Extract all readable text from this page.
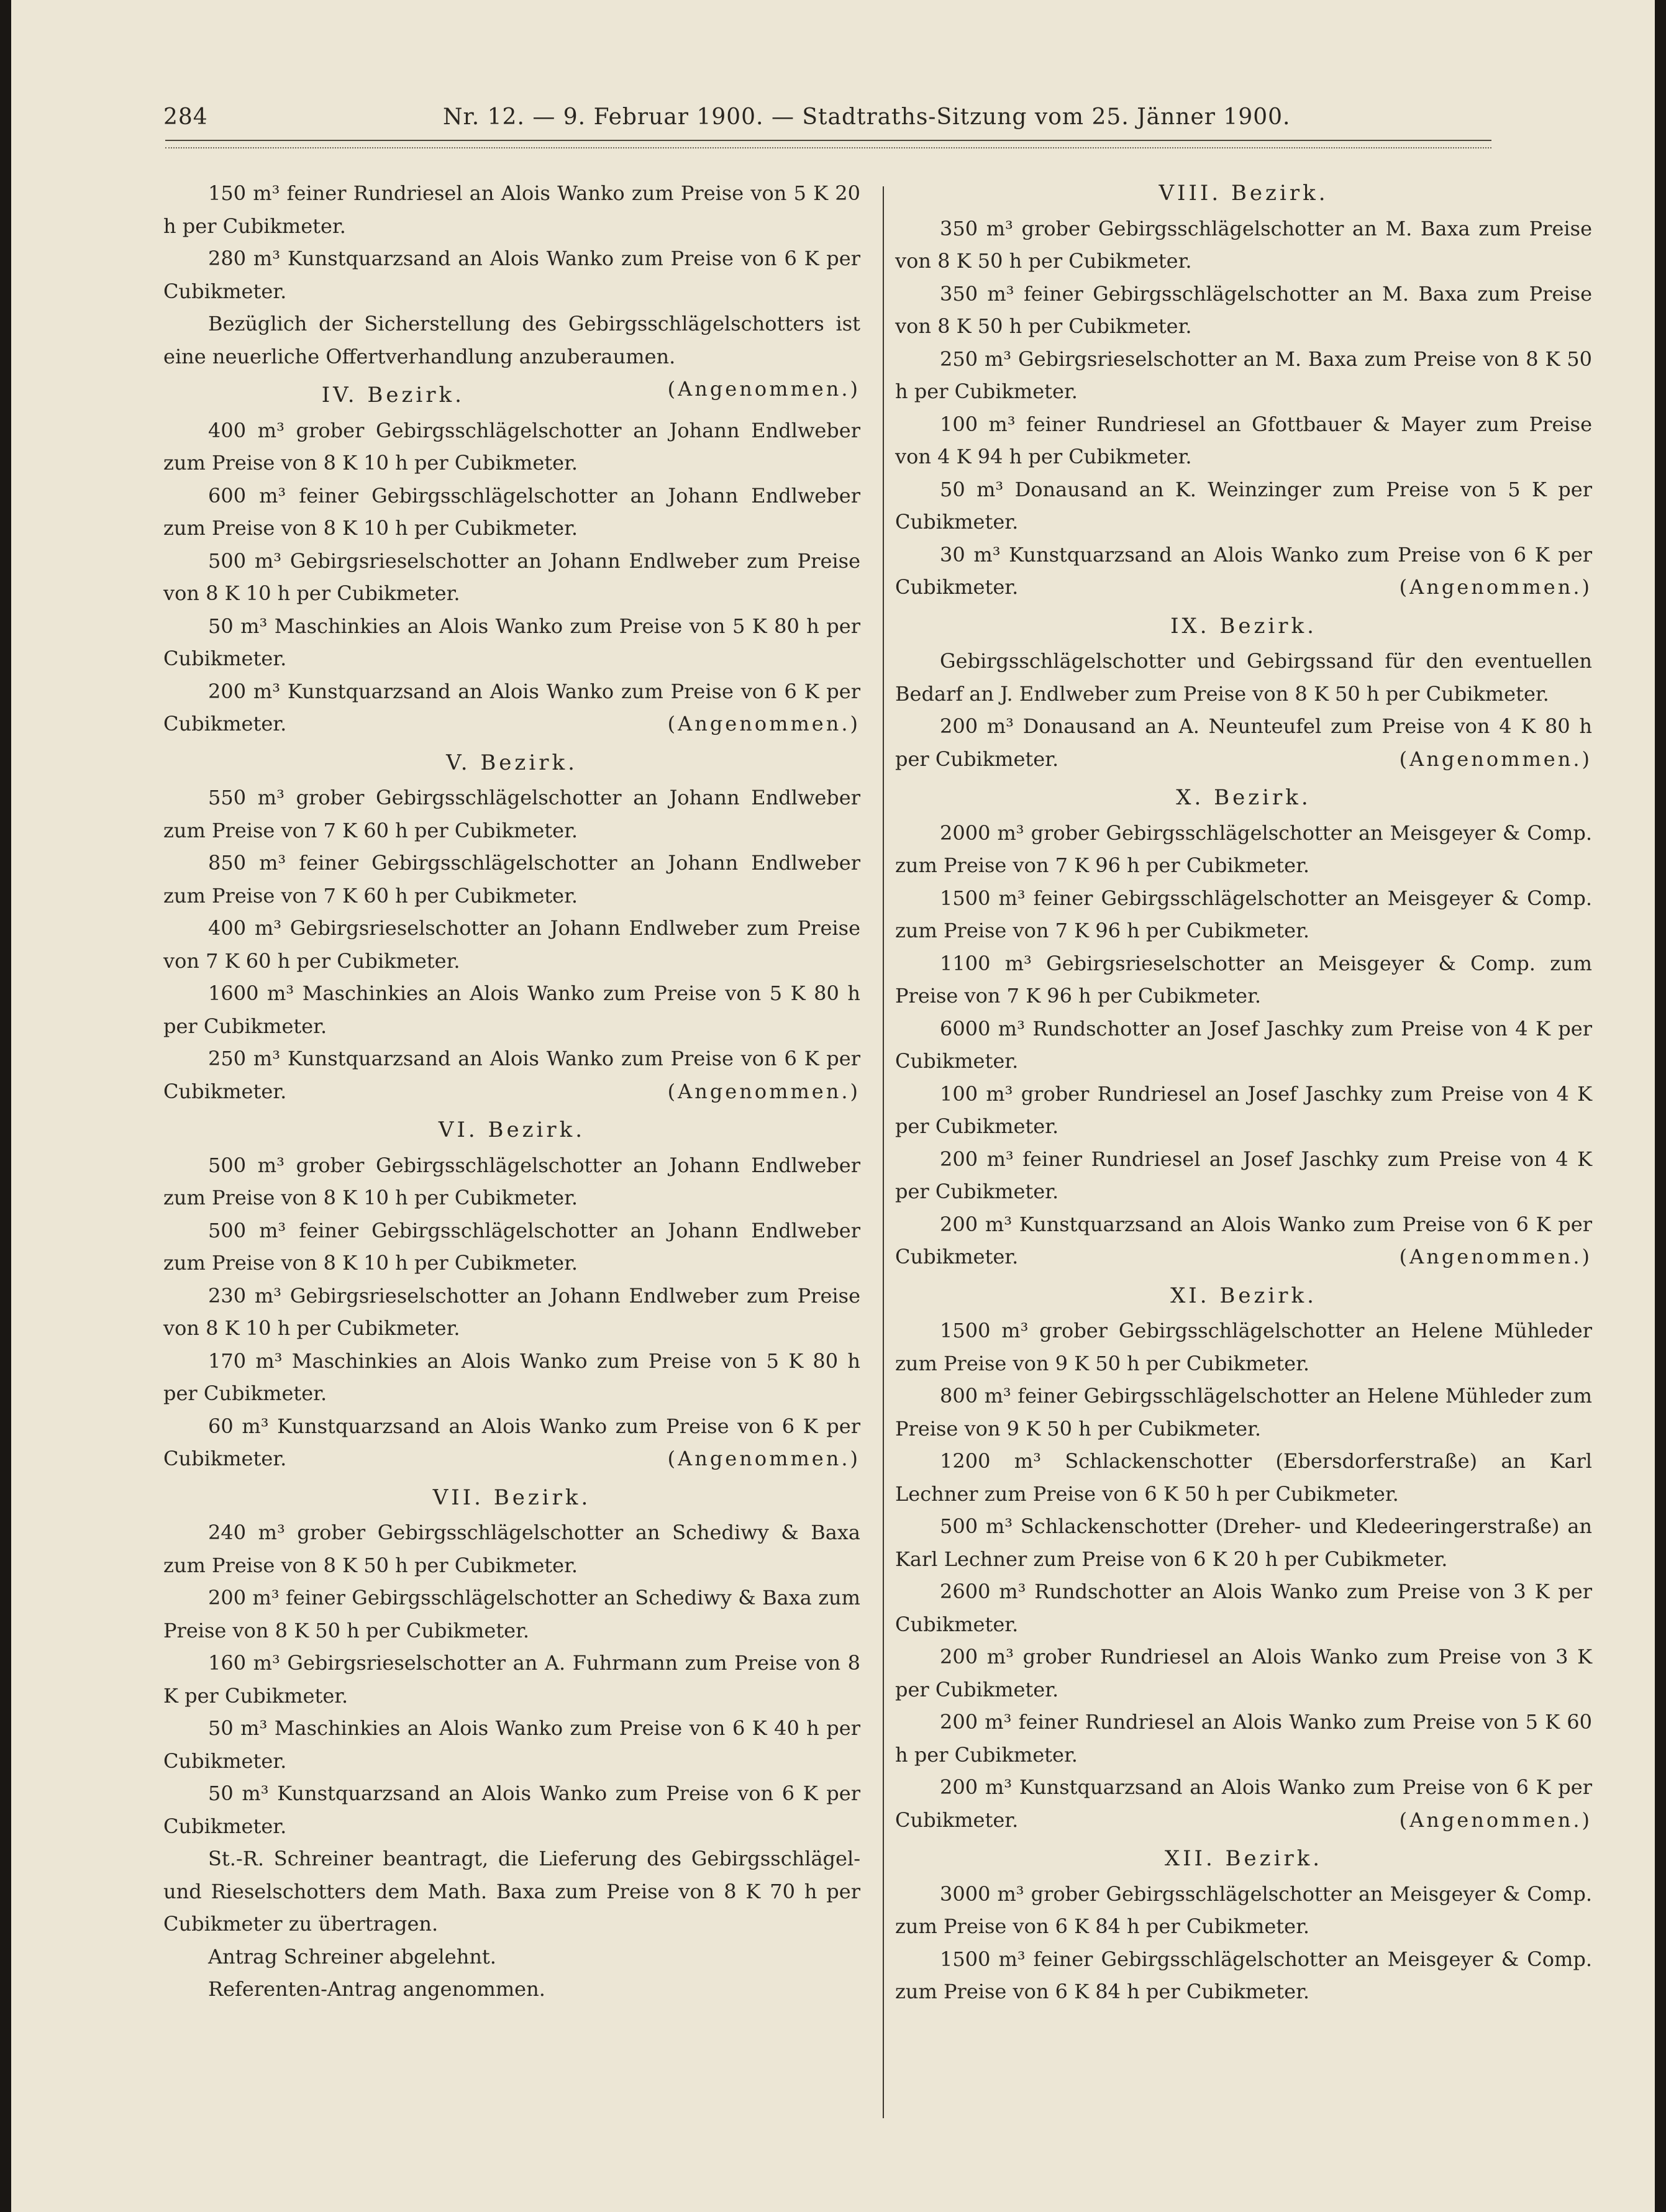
284	Nr. 12. — 9. Februar 1900. — Stadtraths-Sitzung vom 25. Jänner 1900.

150 m³ feiner Rundriesel an Alois Wanko zum Preise von 5 K 20 h per Cubikmeter.

280 m³ Kunstquarzsand an Alois Wanko zum Preise von 6 K per Cubikmeter.

Bezüglich der Sicherstellung des Gebirgsschlägelschotters ist eine neuerliche Offertverhandlung anzuberaumen.
(Angenommen.)

IV. Bezirk.

400 m³ grober Gebirgsschlägelschotter an Johann Endlweber zum Preise von 8 K 10 h per Cubikmeter.

600 m³ feiner Gebirgsschlägelschotter an Johann Endlweber zum Preise von 8 K 10 h per Cubikmeter.

500 m³ Gebirgsrieselschotter an Johann Endlweber zum Preise von 8 K 10 h per Cubikmeter.

50 m³ Maschinkies an Alois Wanko zum Preise von 5 K 80 h per Cubikmeter.

200 m³ Kunstquarzsand an Alois Wanko zum Preise von 6 K per Cubikmeter.	(Angenommen.)

V. Bezirk.

550 m³ grober Gebirgsschlägelschotter an Johann Endlweber zum Preise von 7 K 60 h per Cubikmeter.

850 m³ feiner Gebirgsschlägelschotter an Johann Endlweber zum Preise von 7 K 60 h per Cubikmeter.

400 m³ Gebirgsrieselschotter an Johann Endlweber zum Preise von 7 K 60 h per Cubikmeter.

1600 m³ Maschinkies an Alois Wanko zum Preise von 5 K 80 h per Cubikmeter.

250 m³ Kunstquarzsand an Alois Wanko zum Preise von 6 K per Cubikmeter.	(Angenommen.)

VI. Bezirk.

500 m³ grober Gebirgsschlägelschotter an Johann Endlweber zum Preise von 8 K 10 h per Cubikmeter.

500 m³ feiner Gebirgsschlägelschotter an Johann Endlweber zum Preise von 8 K 10 h per Cubikmeter.

230 m³ Gebirgsrieselschotter an Johann Endlweber zum Preise von 8 K 10 h per Cubikmeter.

170 m³ Maschinkies an Alois Wanko zum Preise von 5 K 80 h per Cubikmeter.

60 m³ Kunstquarzsand an Alois Wanko zum Preise von 6 K per Cubikmeter.	(Angenommen.)

VII. Bezirk.

240 m³ grober Gebirgsschlägelschotter an Schediwy & Baxa zum Preise von 8 K 50 h per Cubikmeter.

200 m³ feiner Gebirgsschlägelschotter an Schediwy & Baxa zum Preise von 8 K 50 h per Cubikmeter.

160 m³ Gebirgsrieselschotter an A. Fuhrmann zum Preise von 8 K per Cubikmeter.

50 m³ Maschinkies an Alois Wanko zum Preise von 6 K 40 h per Cubikmeter.

50 m³ Kunstquarzsand an Alois Wanko zum Preise von 6 K per Cubikmeter.

St.-R. Schreiner beantragt, die Lieferung des Gebirgsschlägel- und Rieselschotters dem Math. Baxa zum Preise von 8 K 70 h per Cubikmeter zu übertragen.

Antrag Schreiner abgelehnt.

Referenten-Antrag angenommen.

VIII. Bezirk.

350 m³ grober Gebirgsschlägelschotter an M. Baxa zum Preise von 8 K 50 h per Cubikmeter.

350 m³ feiner Gebirgsschlägelschotter an M. Baxa zum Preise von 8 K 50 h per Cubikmeter.

250 m³ Gebirgsrieselschotter an M. Baxa zum Preise von 8 K 50 h per Cubikmeter.

100 m³ feiner Rundriesel an Gfottbauer & Mayer zum Preise von 4 K 94 h per Cubikmeter.

50 m³ Donausand an K. Weinzinger zum Preise von 5 K per Cubikmeter.

30 m³ Kunstquarzsand an Alois Wanko zum Preise von 6 K per Cubikmeter.	(Angenommen.)

IX. Bezirk.

Gebirgsschlägelschotter und Gebirgssand für den eventuellen Bedarf an J. Endlweber zum Preise von 8 K 50 h per Cubikmeter.

200 m³ Donausand an A. Neunteufel zum Preise von 4 K 80 h per Cubikmeter.	(Angenommen.)

X. Bezirk.

2000 m³ grober Gebirgsschlägelschotter an Meisgeyer & Comp. zum Preise von 7 K 96 h per Cubikmeter.

1500 m³ feiner Gebirgsschlägelschotter an Meisgeyer & Comp. zum Preise von 7 K 96 h per Cubikmeter.

1100 m³ Gebirgsrieselschotter an Meisgeyer & Comp. zum Preise von 7 K 96 h per Cubikmeter.

6000 m³ Rundschotter an Josef Jaschky zum Preise von 4 K per Cubikmeter.

100 m³ grober Rundriesel an Josef Jaschky zum Preise von 4 K per Cubikmeter.

200 m³ feiner Rundriesel an Josef Jaschky zum Preise von 4 K per Cubikmeter.

200 m³ Kunstquarzsand an Alois Wanko zum Preise von 6 K per Cubikmeter.	(Angenommen.)

XI. Bezirk.

1500 m³ grober Gebirgsschlägelschotter an Helene Mühleder zum Preise von 9 K 50 h per Cubikmeter.

800 m³ feiner Gebirgsschlägelschotter an Helene Mühleder zum Preise von 9 K 50 h per Cubikmeter.

1200 m³ Schlackenschotter (Ebersdorferstraße) an Karl Lechner zum Preise von 6 K 50 h per Cubikmeter.

500 m³ Schlackenschotter (Dreher- und Kledeeringerstraße) an Karl Lechner zum Preise von 6 K 20 h per Cubikmeter.

2600 m³ Rundschotter an Alois Wanko zum Preise von 3 K per Cubikmeter.

200 m³ grober Rundriesel an Alois Wanko zum Preise von 3 K per Cubikmeter.

200 m³ feiner Rundriesel an Alois Wanko zum Preise von 5 K 60 h per Cubikmeter.

200 m³ Kunstquarzsand an Alois Wanko zum Preise von 6 K per Cubikmeter.	(Angenommen.)

XII. Bezirk.

3000 m³ grober Gebirgsschlägelschotter an Meisgeyer & Comp. zum Preise von 6 K 84 h per Cubikmeter.

1500 m³ feiner Gebirgsschlägelschotter an Meisgeyer & Comp. zum Preise von 6 K 84 h per Cubikmeter.
